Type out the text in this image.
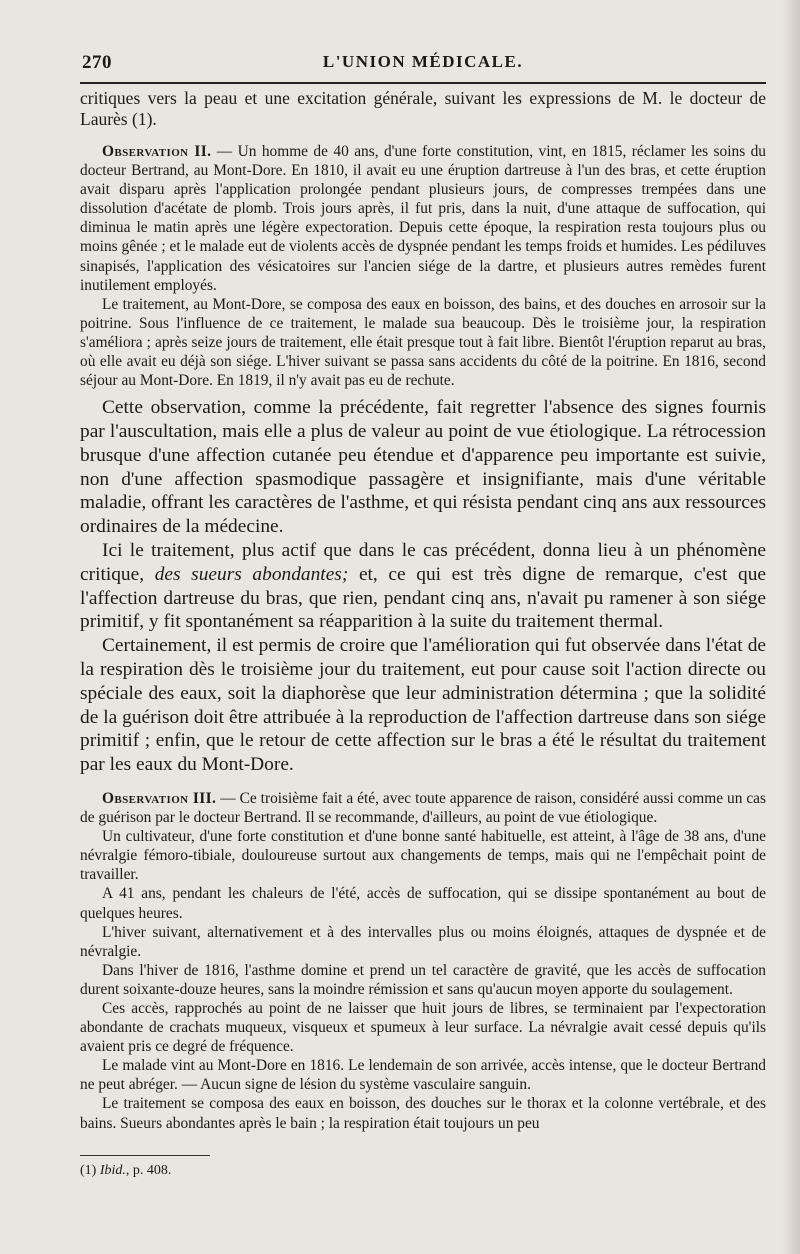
270	L'UNION MÉDICALE.

critiques vers la peau et une excitation générale, suivant les expressions de M. le docteur de Laurès (1).

Observation II. — Un homme de 40 ans, d'une forte constitution, vint, en 1815, réclamer les soins du docteur Bertrand, au Mont-Dore. En 1810, il avait eu une éruption dartreuse à l'un des bras, et cette éruption avait disparu après l'application prolongée pendant plusieurs jours, de compresses trempées dans une dissolution d'acétate de plomb. Trois jours après, il fut pris, dans la nuit, d'une attaque de suffocation, qui diminua le matin après une légère expectoration. Depuis cette époque, la respiration resta toujours plus ou moins gênée ; et le malade eut de violents accès de dyspnée pendant les temps froids et humides. Les pédiluves sinapisés, l'application des vésicatoires sur l'ancien siége de la dartre, et plusieurs autres remèdes furent inutilement employés.

Le traitement, au Mont-Dore, se composa des eaux en boisson, des bains, et des douches en arrosoir sur la poitrine. Sous l'influence de ce traitement, le malade sua beaucoup. Dès le troisième jour, la respiration s'améliora ; après seize jours de traitement, elle était presque tout à fait libre. Bientôt l'éruption reparut au bras, où elle avait eu déjà son siége. L'hiver suivant se passa sans accidents du côté de la poitrine. En 1816, second séjour au Mont-Dore. En 1819, il n'y avait pas eu de rechute.

Cette observation, comme la précédente, fait regretter l'absence des signes fournis par l'auscultation, mais elle a plus de valeur au point de vue étiologique. La rétrocession brusque d'une affection cutanée peu étendue et d'apparence peu importante est suivie, non d'une affection spasmodique passagère et insignifiante, mais d'une véritable maladie, offrant les caractères de l'asthme, et qui résista pendant cinq ans aux ressources ordinaires de la médecine.

Ici le traitement, plus actif que dans le cas précédent, donna lieu à un phénomène critique, des sueurs abondantes; et, ce qui est très digne de remarque, c'est que l'affection dartreuse du bras, que rien, pendant cinq ans, n'avait pu ramener à son siége primitif, y fit spontanément sa réapparition à la suite du traitement thermal.

Certainement, il est permis de croire que l'amélioration qui fut observée dans l'état de la respiration dès le troisième jour du traitement, eut pour cause soit l'action directe ou spéciale des eaux, soit la diaphorèse que leur administration détermina ; que la solidité de la guérison doit être attribuée à la reproduction de l'affection dartreuse dans son siége primitif ; enfin, que le retour de cette affection sur le bras a été le résultat du traitement par les eaux du Mont-Dore.

Observation III. — Ce troisième fait a été, avec toute apparence de raison, considéré aussi comme un cas de guérison par le docteur Bertrand. Il se recommande, d'ailleurs, au point de vue étiologique.

Un cultivateur, d'une forte constitution et d'une bonne santé habituelle, est atteint, à l'âge de 38 ans, d'une névralgie fémoro-tibiale, douloureuse surtout aux changements de temps, mais qui ne l'empêchait point de travailler.

A 41 ans, pendant les chaleurs de l'été, accès de suffocation, qui se dissipe spontanément au bout de quelques heures.

L'hiver suivant, alternativement et à des intervalles plus ou moins éloignés, attaques de dyspnée et de névralgie.

Dans l'hiver de 1816, l'asthme domine et prend un tel caractère de gravité, que les accès de suffocation durent soixante-douze heures, sans la moindre rémission et sans qu'aucun moyen apporte du soulagement.

Ces accès, rapprochés au point de ne laisser que huit jours de libres, se terminaient par l'expectoration abondante de crachats muqueux, visqueux et spumeux à leur surface. La névralgie avait cessé depuis qu'ils avaient pris ce degré de fréquence.

Le malade vint au Mont-Dore en 1816. Le lendemain de son arrivée, accès intense, que le docteur Bertrand ne peut abréger. — Aucun signe de lésion du système vasculaire sanguin.

Le traitement se composa des eaux en boisson, des douches sur le thorax et la colonne vertébrale, et des bains. Sueurs abondantes après le bain ; la respiration était toujours un peu

(1) Ibid., p. 408.
